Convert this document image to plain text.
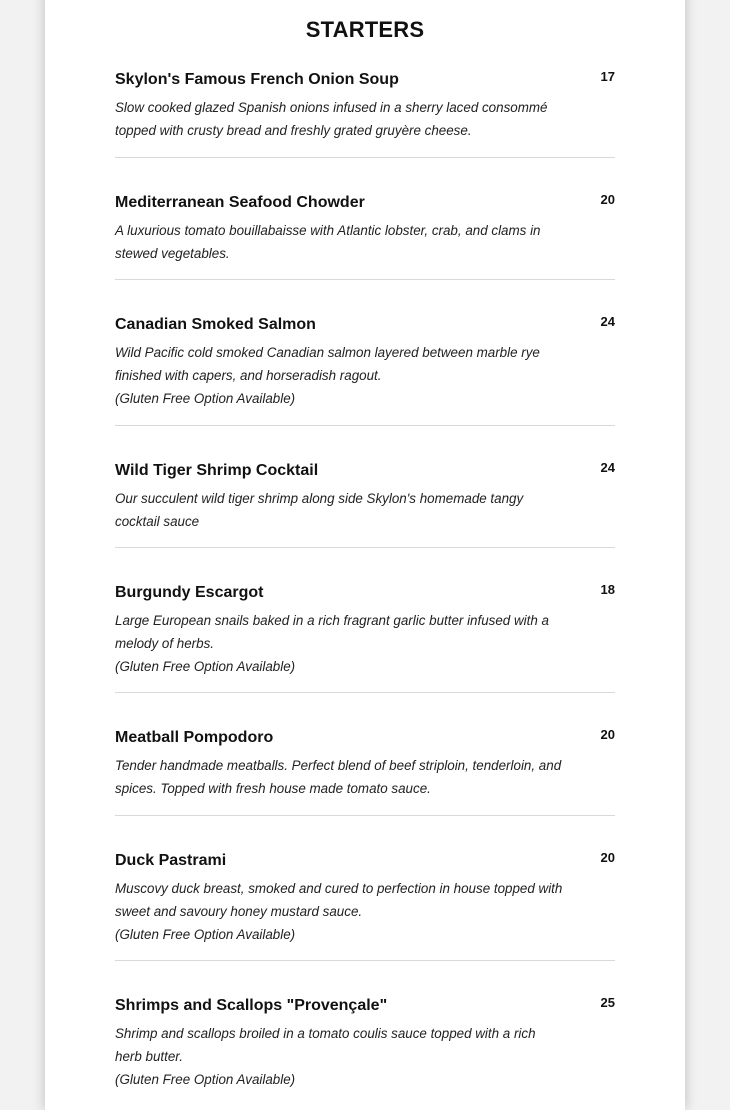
STARTERS
Skylon's Famous French Onion Soup	17
Slow cooked glazed Spanish onions infused in a sherry laced consommé topped with crusty bread and freshly grated gruyère cheese.
Mediterranean Seafood Chowder	20
A luxurious tomato bouillabaisse with Atlantic lobster, crab, and clams in stewed vegetables.
Canadian Smoked Salmon	24
Wild Pacific cold smoked Canadian salmon layered between marble rye finished with capers, and horseradish ragout.
(Gluten Free Option Available)
Wild Tiger Shrimp Cocktail	24
Our succulent wild tiger shrimp along side Skylon's homemade tangy cocktail sauce
Burgundy Escargot	18
Large European snails baked in a rich fragrant garlic butter infused with a melody of herbs.
(Gluten Free Option Available)
Meatball Pompodoro	20
Tender handmade meatballs. Perfect blend of beef striploin, tenderloin, and spices. Topped with fresh house made tomato sauce.
Duck Pastrami	20
Muscovy duck breast, smoked and cured to perfection in house topped with sweet and savoury honey mustard sauce.
(Gluten Free Option Available)
Shrimps and Scallops "Provençale"	25
Shrimp and scallops broiled in a tomato coulis sauce topped with a rich herb butter.
(Gluten Free Option Available)
